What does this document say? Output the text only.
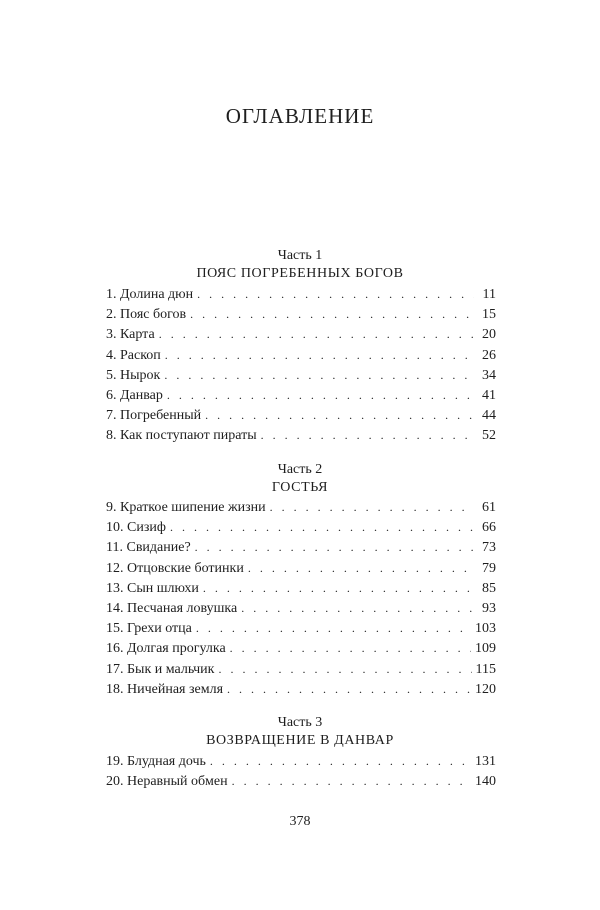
ОГЛАВЛЕНИЕ
Часть 1
ПОЯС ПОГРЕБЕННЫХ БОГОВ
1. Долина дюн . . .	11
2. Пояс богов . . .	15
3. Карта . . .	20
4. Раскоп . . .	26
5. Нырок . . .	34
6. Данвар . . .	41
7. Погребенный . . .	44
8. Как поступают пираты . . .	52
Часть 2
ГОСТЬЯ
9. Краткое шипение жизни . . .	61
10. Сизиф . . .	66
11. Свидание? . . .	73
12. Отцовские ботинки . . .	79
13. Сын шлюхи . . .	85
14. Песчаная ловушка . . .	93
15. Грехи отца . . .	103
16. Долгая прогулка . . .	109
17. Бык и мальчик . . .	115
18. Ничейная земля . . .	120
Часть 3
ВОЗВРАЩЕНИЕ В ДАНВАР
19. Блудная дочь . . .	131
20. Неравный обмен . . .	140
378
